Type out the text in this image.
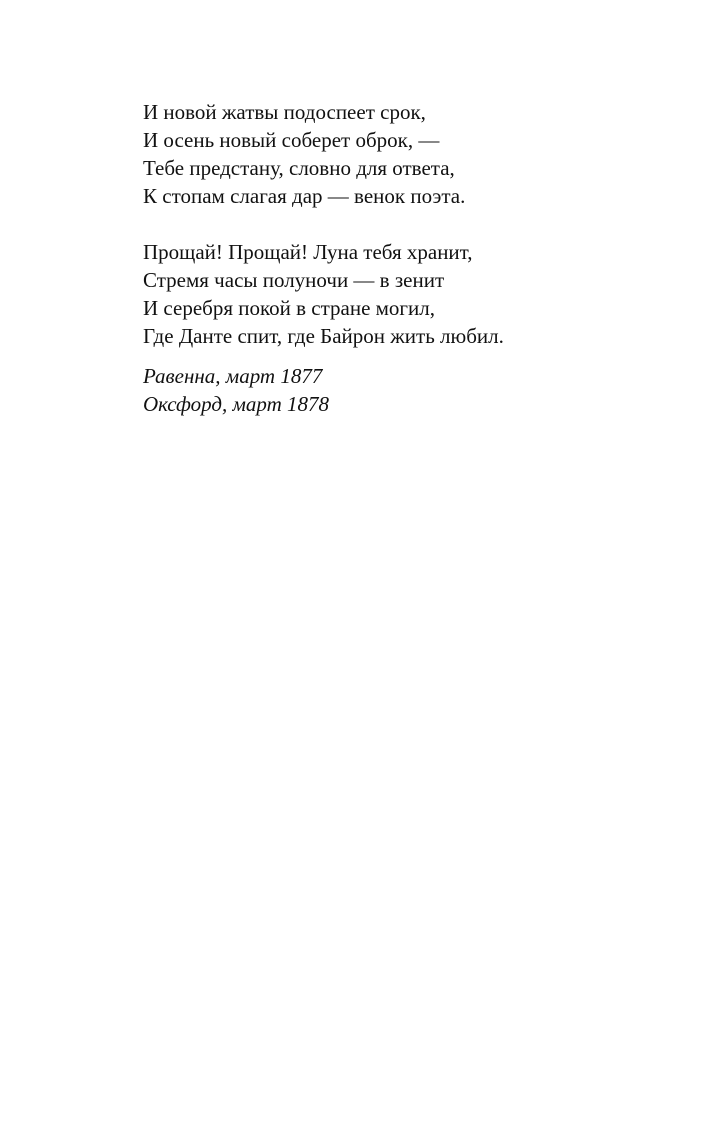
И новой жатвы подоспеет срок,
И осень новый соберет оброк, —
Тебе предстану, словно для ответа,
К стопам слагая дар — венок поэта.
Прощай! Прощай! Луна тебя хранит,
Стремя часы полуночи — в зенит
И серебря покой в стране могил,
Где Данте спит, где Байрон жить любил.
Равенна, март 1877
Оксфорд, март 1878
